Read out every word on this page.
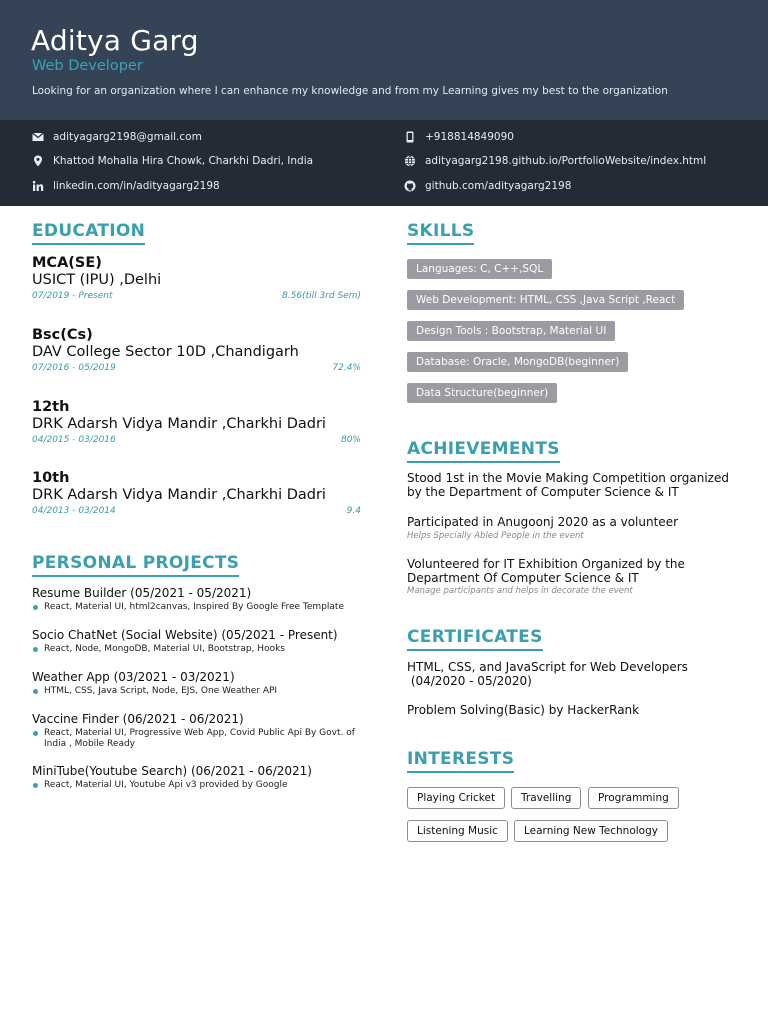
Aditya Garg
Web Developer
Looking for an organization where I can enhance my knowledge and from my Learning gives my best to the organization
adityagarg2198@gmail.com	+918814849090
Khattod Mohalla Hira Chowk, Charkhi Dadri, India	adityagarg2198.github.io/PortfolioWebsite/index.html
linkedin.com/in/adityagarg2198	github.com/adityagarg2198
EDUCATION
MCA(SE)
USICT (IPU) ,Delhi
07/2019 - Present	8.56(till 3rd Sem)
Bsc(Cs)
DAV College Sector 10D ,Chandigarh
07/2016 - 05/2019	72.4%
12th
DRK Adarsh Vidya Mandir ,Charkhi Dadri
04/2015 - 03/2016	80%
10th
DRK Adarsh Vidya Mandir ,Charkhi Dadri
04/2013 - 03/2014	9.4
PERSONAL PROJECTS
Resume Builder (05/2021 - 05/2021)
React, Material UI, html2canvas, Inspired By Google Free Template
Socio ChatNet (Social Website) (05/2021 - Present)
React, Node, MongoDB, Material UI, Bootstrap, Hooks
Weather App (03/2021 - 03/2021)
HTML, CSS, Java Script, Node, EJS, One Weather API
Vaccine Finder (06/2021 - 06/2021)
React, Material UI, Progressive Web App, Covid Public Api By Govt. of India , Mobile Ready
MiniTube(Youtube Search) (06/2021 - 06/2021)
React, Material UI, Youtube Api v3 provided by Google
SKILLS
Languages: C, C++,SQL
Web Development: HTML, CSS ,Java Script ,React
Design Tools : Bootstrap, Material UI
Database: Oracle, MongoDB(beginner)
Data Structure(beginner)
ACHIEVEMENTS
Stood 1st in the Movie Making Competition organized by the Department of Computer Science & IT
Participated in Anugoonj 2020 as a volunteer
Helps Specially Abled People in the event
Volunteered for IT Exhibition Organized by the Department Of Computer Science & IT
Manage participants and helps in decorate the event
CERTIFICATES
HTML, CSS, and JavaScript for Web Developers
(04/2020 - 05/2020)
Problem Solving(Basic) by HackerRank
INTERESTS
Playing Cricket	Travelling	Programming
Listening Music	Learning New Technology
